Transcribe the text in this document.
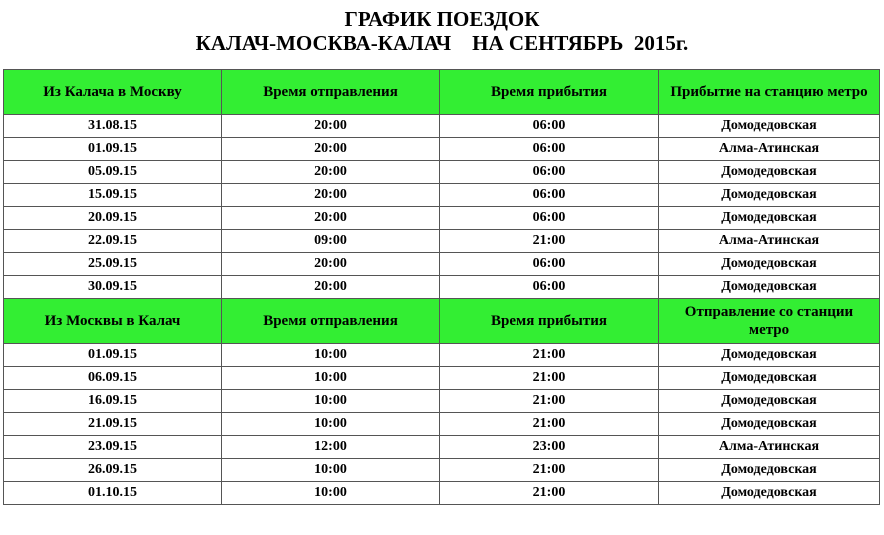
ГРАФИК ПОЕЗДОК
КАЛАЧ-МОСКВА-КАЛАЧ    НА СЕНТЯБРЬ  2015г.
Из Калача в Москву	Время отправления	Время прибытия	Прибытие на станцию метро
31.08.15	20:00	06:00	Домодедовская
01.09.15	20:00	06:00	Алма-Атинская
05.09.15	20:00	06:00	Домодедовская
15.09.15	20:00	06:00	Домодедовская
20.09.15	20:00	06:00	Домодедовская
22.09.15	09:00	21:00	Алма-Атинская
25.09.15	20:00	06:00	Домодедовская
30.09.15	20:00	06:00	Домодедовская
Из Москвы в Калач	Время отправления	Время прибытия	Отправление со станции метро
01.09.15	10:00	21:00	Домодедовская
06.09.15	10:00	21:00	Домодедовская
16.09.15	10:00	21:00	Домодедовская
21.09.15	10:00	21:00	Домодедовская
23.09.15	12:00	23:00	Алма-Атинская
26.09.15	10:00	21:00	Домодедовская
01.10.15	10:00	21:00	Домодедовская
